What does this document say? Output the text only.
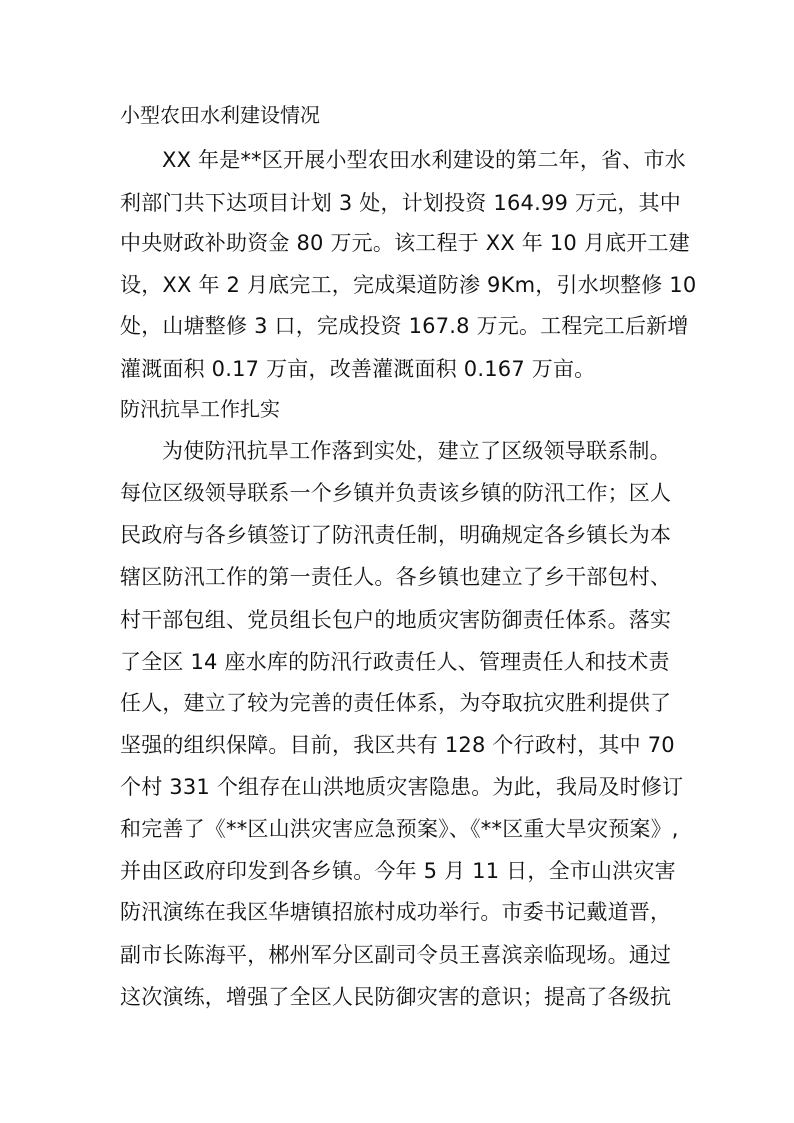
小型农田水利建设情况
XX 年是**区开展小型农田水利建设的第二年，省、市水
利部门共下达项目计划 3 处，计划投资 164.99 万元，其中
中央财政补助资金 80 万元。该工程于 XX 年 10 月底开工建
设，XX 年 2 月底完工，完成渠道防渗 9Km，引水坝整修 10
处，山塘整修 3 口，完成投资 167.8 万元。工程完工后新增
灌溉面积 0.17 万亩，改善灌溉面积 0.167 万亩。
防汛抗旱工作扎实
为使防汛抗旱工作落到实处，建立了区级领导联系制。
每位区级领导联系一个乡镇并负责该乡镇的防汛工作；区人
民政府与各乡镇签订了防汛责任制，明确规定各乡镇长为本
辖区防汛工作的第一责任人。各乡镇也建立了乡干部包村、
村干部包组、党员组长包户的地质灾害防御责任体系。落实
了全区 14 座水库的防汛行政责任人、管理责任人和技术责
任人，建立了较为完善的责任体系，为夺取抗灾胜利提供了
坚强的组织保障。目前，我区共有 128 个行政村，其中 70
个村 331 个组存在山洪地质灾害隐患。为此，我局及时修订
和完善了《**区山洪灾害应急预案》、《**区重大旱灾预案》,
并由区政府印发到各乡镇。今年 5 月 11 日，全市山洪灾害
防汛演练在我区华塘镇招旅村成功举行。市委书记戴道晋，
副市长陈海平，郴州军分区副司令员王喜滨亲临现场。通过
这次演练，增强了全区人民防御灾害的意识；提高了各级抗
